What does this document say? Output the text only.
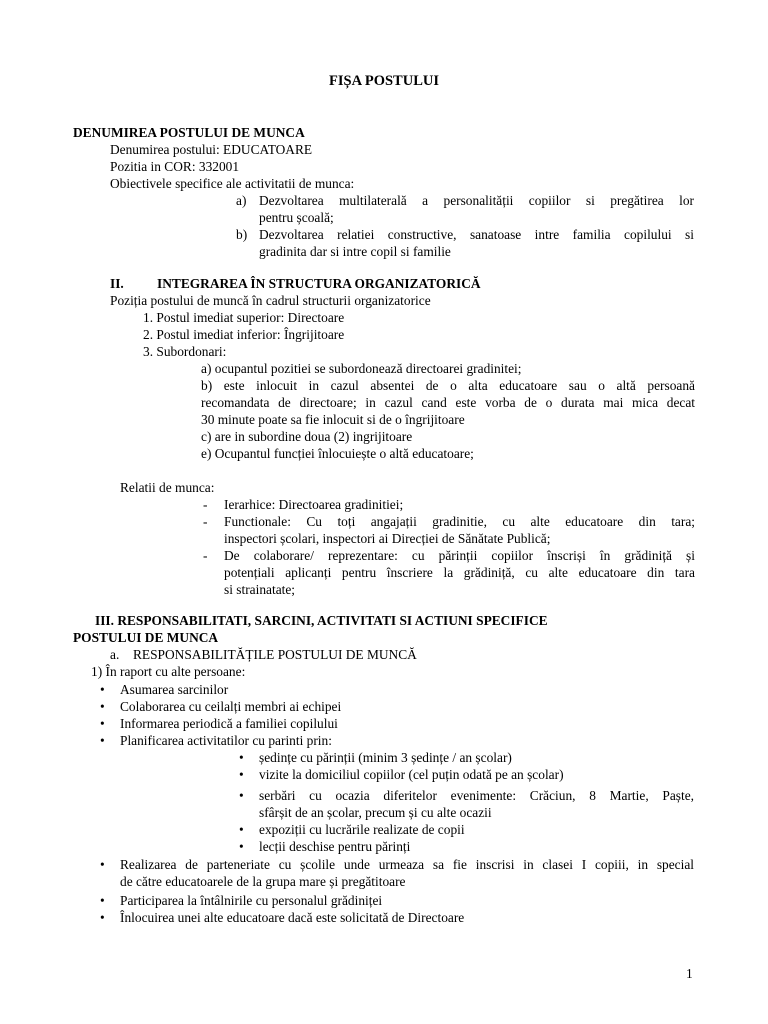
FIȘA POSTULUI
DENUMIREA POSTULUI DE MUNCA
Denumirea postului: EDUCATOARE
Pozitia in COR: 332001
Obiectivele specifice ale activitatii de munca:
a) Dezvoltarea multilaterală a personalității copiilor si pregătirea lor
pentru școală;
b) Dezvoltarea relatiei constructive, sanatoase intre familia copilului si
gradinita dar si intre copil si familie
II. INTEGRAREA ÎN STRUCTURA ORGANIZATORICĂ
Poziția postului de muncă în cadrul structurii organizatorice
1. Postul imediat superior: Directoare
2. Postul imediat inferior: Îngrijitoare
3. Subordonari:
a) ocupantul pozitiei se subordonează directoarei gradinitei;
b) este inlocuit in cazul absentei de o alta educatoare sau o altă persoană
recomandata de directoare; in cazul cand este vorba de o durata mai mica decat
30 minute poate sa fie inlocuit si de o îngrijitoare
c) are in subordine doua (2) ingrijitoare
e) Ocupantul funcției înlocuiește o altă educatoare;
Relatii de munca:
- Ierarhice: Directoarea gradinitiei;
- Functionale: Cu toți angajații gradinitie, cu alte educatoare din tara;
inspectori școlari, inspectori ai Direcției de Sănătate Publică;
- De colaborare/ reprezentare: cu părinții copiilor înscriși în grădiniță și
potențiali aplicanți pentru înscriere la grădiniță, cu alte educatoare din tara
si strainatate;
III. RESPONSABILITATI, SARCINI, ACTIVITATI SI ACTIUNI SPECIFICE
POSTULUI DE MUNCA
a. RESPONSABILITĂȚILE POSTULUI DE MUNCĂ
1) În raport cu alte persoane:
• Asumarea sarcinilor
• Colaborarea cu ceilalți membri ai echipei
• Informarea periodică a familiei copilului
• Planificarea activitatilor cu parinti prin:
• ședințe cu părinții (minim 3 ședințe / an școlar)
• vizite la domiciliul copiilor (cel puțin odată pe an școlar)
• serbări cu ocazia diferitelor evenimente: Crăciun, 8 Martie, Paște,
sfârșit de an școlar, precum și cu alte ocazii
• expoziții cu lucrările realizate de copii
• lecții deschise pentru părinți
• Realizarea de parteneriate cu școlile unde urmeaza sa fie inscrisi in clasei I copiii, in special
de către educatoarele de la grupa mare și pregătitoare
• Participarea la întâlnirile cu personalul grădiniței
• Înlocuirea unei alte educatoare dacă este solicitată de Directoare
1
